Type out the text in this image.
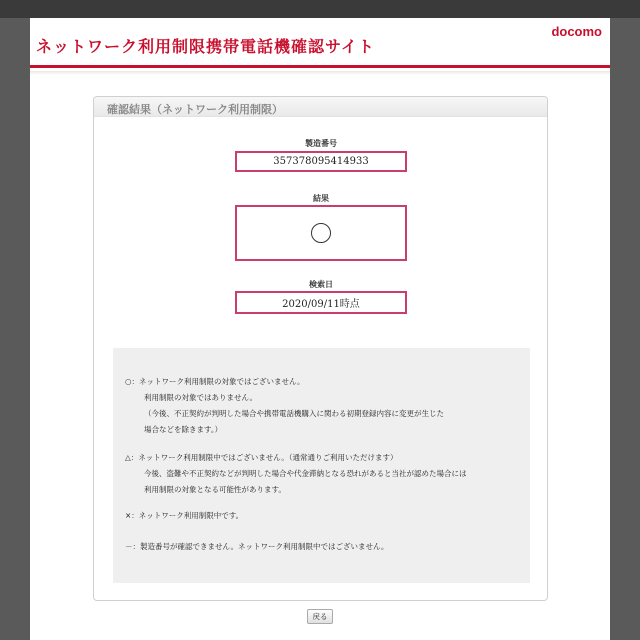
ネットワーク利用制限携帯電話機確認サイト
docomo
確認結果（ネットワーク利用制限）
製造番号
357378095414933
結果
検索日
2020/09/11時点
○：ネットワーク利用制限の対象ではございません。
利用制限の対象ではありません。
（今後、不正契約が判明した場合や携帯電話機購入に関わる初期登録内容に変更が生じた
場合などを除きます。）
△：ネットワーク利用制限中ではございません。（通常通りご利用いただけます）
今後、盗難や不正契約などが判明した場合や代金滞納となる恐れがあると当社が認めた場合には
利用制限の対象となる可能性があります。
×：ネットワーク利用制限中です。
－：製造番号が確認できません。ネットワーク利用制限中ではございません。
戻る
